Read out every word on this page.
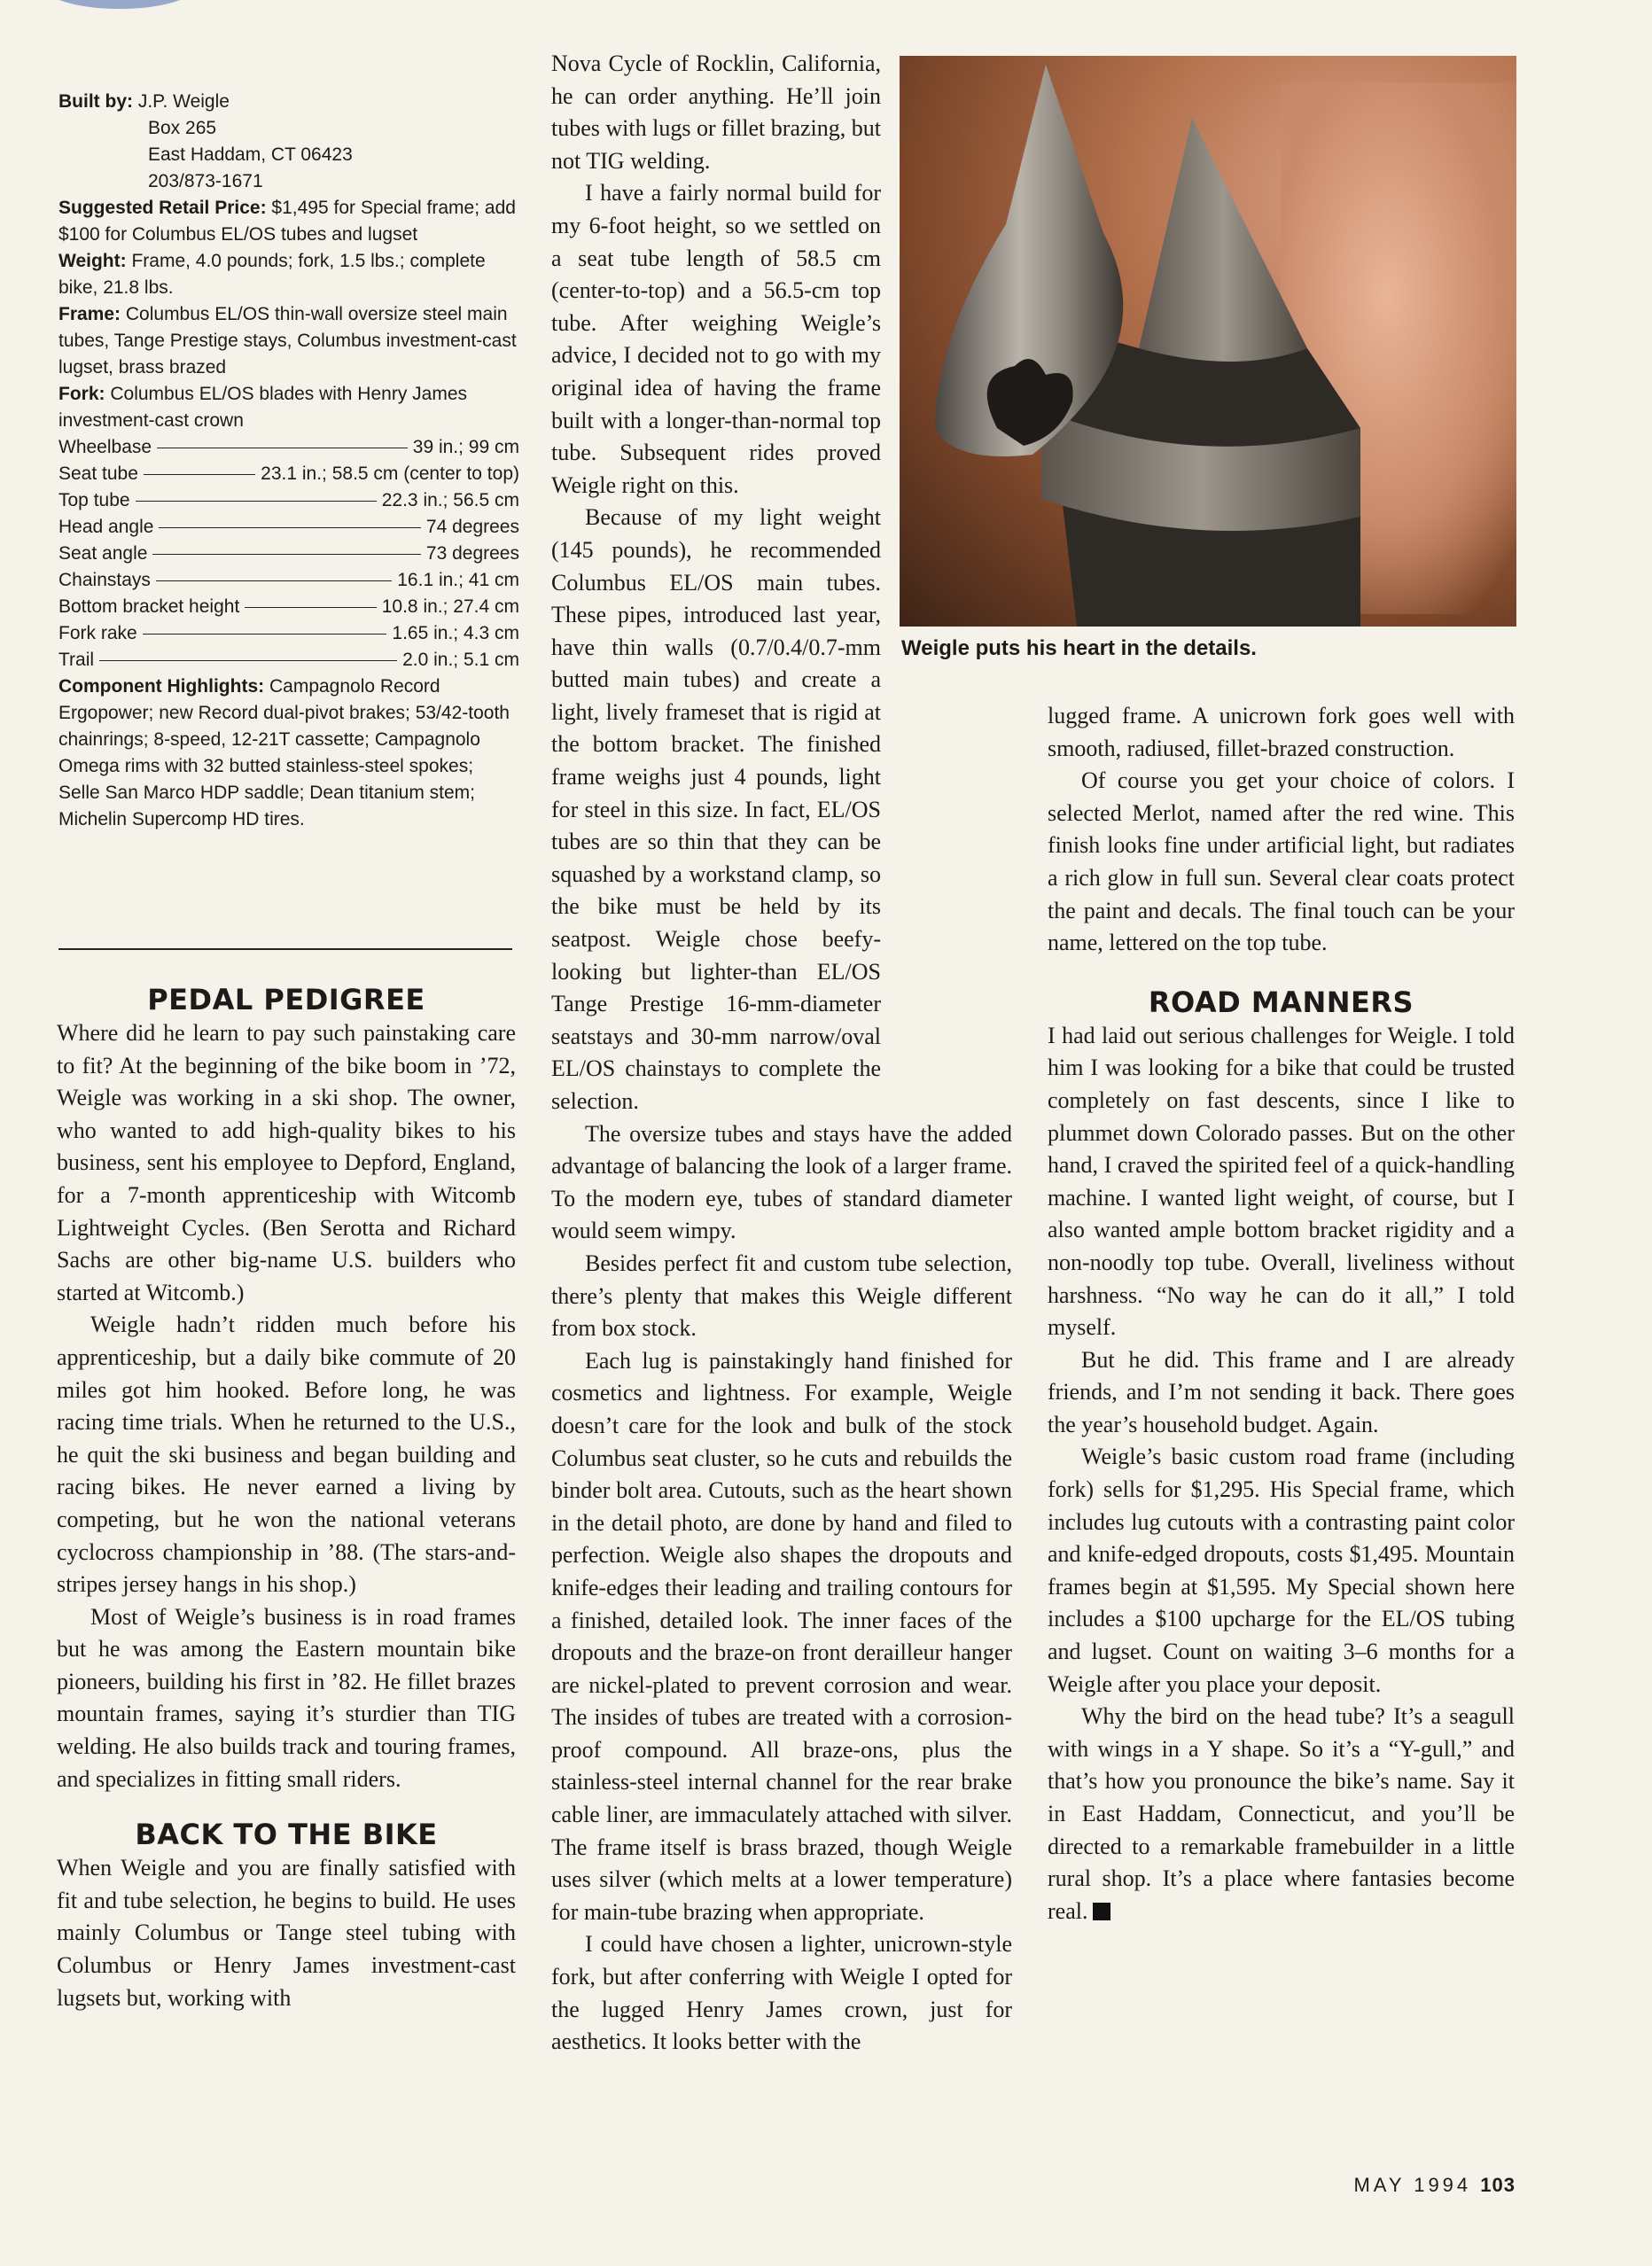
Built by: J.P. Weigle

Box 265

East Haddam, CT 06423

203/873-1671

Suggested Retail Price: $1,495 for Special frame; add $100 for Columbus EL/OS tubes and lugset

Weight: Frame, 4.0 pounds; fork, 1.5 lbs.; complete bike, 21.8 lbs.

Frame: Columbus EL/OS thin-wall oversize steel main tubes, Tange Prestige stays, Columbus investment-cast lugset, brass brazed

Fork: Columbus EL/OS blades with Henry James investment-cast crown

Wheelbase	39 in.; 99 cm
Seat tube	23.1 in.; 58.5 cm (center to top)
Top tube	22.3 in.; 56.5 cm
Head angle	74 degrees
Seat angle	73 degrees
Chainstays	16.1 in.; 41 cm
Bottom bracket height	10.8 in.; 27.4 cm
Fork rake	1.65 in.; 4.3 cm
Trail	2.0 in.; 5.1 cm

Component Highlights: Campagnolo Record Ergopower; new Record dual-pivot brakes; 53/42-tooth chainrings; 8-speed, 12-21T cassette; Campagnolo Omega rims with 32 butted stainless-steel spokes; Selle San Marco HDP saddle; Dean titanium stem; Michelin Supercomp HD tires.

PEDAL PEDIGREE

Where did he learn to pay such painstaking care to fit? At the beginning of the bike boom in ’72, Weigle was working in a ski shop. The owner, who wanted to add high-quality bikes to his business, sent his employee to Depford, England, for a 7-month apprenticeship with Witcomb Lightweight Cycles. (Ben Serotta and Richard Sachs are other big-name U.S. builders who started at Witcomb.)

Weigle hadn’t ridden much before his apprenticeship, but a daily bike commute of 20 miles got him hooked. Before long, he was racing time trials. When he returned to the U.S., he quit the ski business and began building and racing bikes. He never earned a living by competing, but he won the national veterans cyclocross championship in ’88. (The stars-and-stripes jersey hangs in his shop.)

Most of Weigle’s business is in road frames but he was among the Eastern mountain bike pioneers, building his first in ’82. He fillet brazes mountain frames, saying it’s sturdier than TIG welding. He also builds track and touring frames, and specializes in fitting small riders.

BACK TO THE BIKE

When Weigle and you are finally satisfied with fit and tube selection, he begins to build. He uses mainly Columbus or Tange steel tubing with Columbus or Henry James investment-cast lugsets but, working with

Nova Cycle of Rocklin, California, he can order anything. He’ll join tubes with lugs or fillet brazing, but not TIG welding.

I have a fairly normal build for my 6-foot height, so we settled on a seat tube length of 58.5 cm (center-to-top) and a 56.5-cm top tube. After weighing Weigle’s advice, I decided not to go with my original idea of having the frame built with a longer-than-normal top tube. Subsequent rides proved Weigle right on this.

Because of my light weight (145 pounds), he recommended Columbus EL/OS main tubes. These pipes, introduced last year, have thin walls (0.7/0.4/0.7-mm butted main tubes) and create a light, lively frameset that is rigid at the bottom bracket. The finished frame weighs just 4 pounds, light for steel in this size. In fact, EL/OS tubes are so thin that they can be squashed by a workstand clamp, so the bike must be held by its seatpost. Weigle chose beefy-looking but lighter-than EL/OS Tange Prestige 16-mm-diameter seatstays and 30-mm narrow/oval EL/OS chainstays to complete the selection.

The oversize tubes and stays have the added advantage of balancing the look of a larger frame. To the modern eye, tubes of standard diameter would seem wimpy.

Besides perfect fit and custom tube selection, there’s plenty that makes this Weigle different from box stock.

Each lug is painstakingly hand finished for cosmetics and lightness. For example, Weigle doesn’t care for the look and bulk of the stock Columbus seat cluster, so he cuts and rebuilds the binder bolt area. Cutouts, such as the heart shown in the detail photo, are done by hand and filed to perfection. Weigle also shapes the dropouts and knife-edges their leading and trailing contours for a finished, detailed look. The inner faces of the dropouts and the braze-on front derailleur hanger are nickel-plated to prevent corrosion and wear. The insides of tubes are treated with a corrosion-proof compound. All braze-ons, plus the stainless-steel internal channel for the rear brake cable liner, are immaculately attached with silver. The frame itself is brass brazed, though Weigle uses silver (which melts at a lower temperature) for main-tube brazing when appropriate.

I could have chosen a lighter, unicrown-style fork, but after conferring with Weigle I opted for the lugged Henry James crown, just for aesthetics. It looks better with the

Weigle puts his heart in the details.

lugged frame. A unicrown fork goes well with smooth, radiused, fillet-brazed construction.

Of course you get your choice of colors. I selected Merlot, named after the red wine. This finish looks fine under artificial light, but radiates a rich glow in full sun. Several clear coats protect the paint and decals. The final touch can be your name, lettered on the top tube.

ROAD MANNERS

I had laid out serious challenges for Weigle. I told him I was looking for a bike that could be trusted completely on fast descents, since I like to plummet down Colorado passes. But on the other hand, I craved the spirited feel of a quick-handling machine. I wanted light weight, of course, but I also wanted ample bottom bracket rigidity and a non-noodly top tube. Overall, liveliness without harshness. “No way he can do it all,” I told myself.

But he did. This frame and I are already friends, and I’m not sending it back. There goes the year’s household budget. Again.

Weigle’s basic custom road frame (including fork) sells for $1,295. His Special frame, which includes lug cutouts with a contrasting paint color and knife-edged dropouts, costs $1,495. Mountain frames begin at $1,595. My Special shown here includes a $100 upcharge for the EL/OS tubing and lugset. Count on waiting 3–6 months for a Weigle after you place your deposit.

Why the bird on the head tube? It’s a seagull with wings in a Y shape. So it’s a “Y-gull,” and that’s how you pronounce the bike’s name. Say it in East Haddam, Connecticut, and you’ll be directed to a remarkable framebuilder in a little rural shop. It’s a place where fantasies become real.

MAY 1994 103
